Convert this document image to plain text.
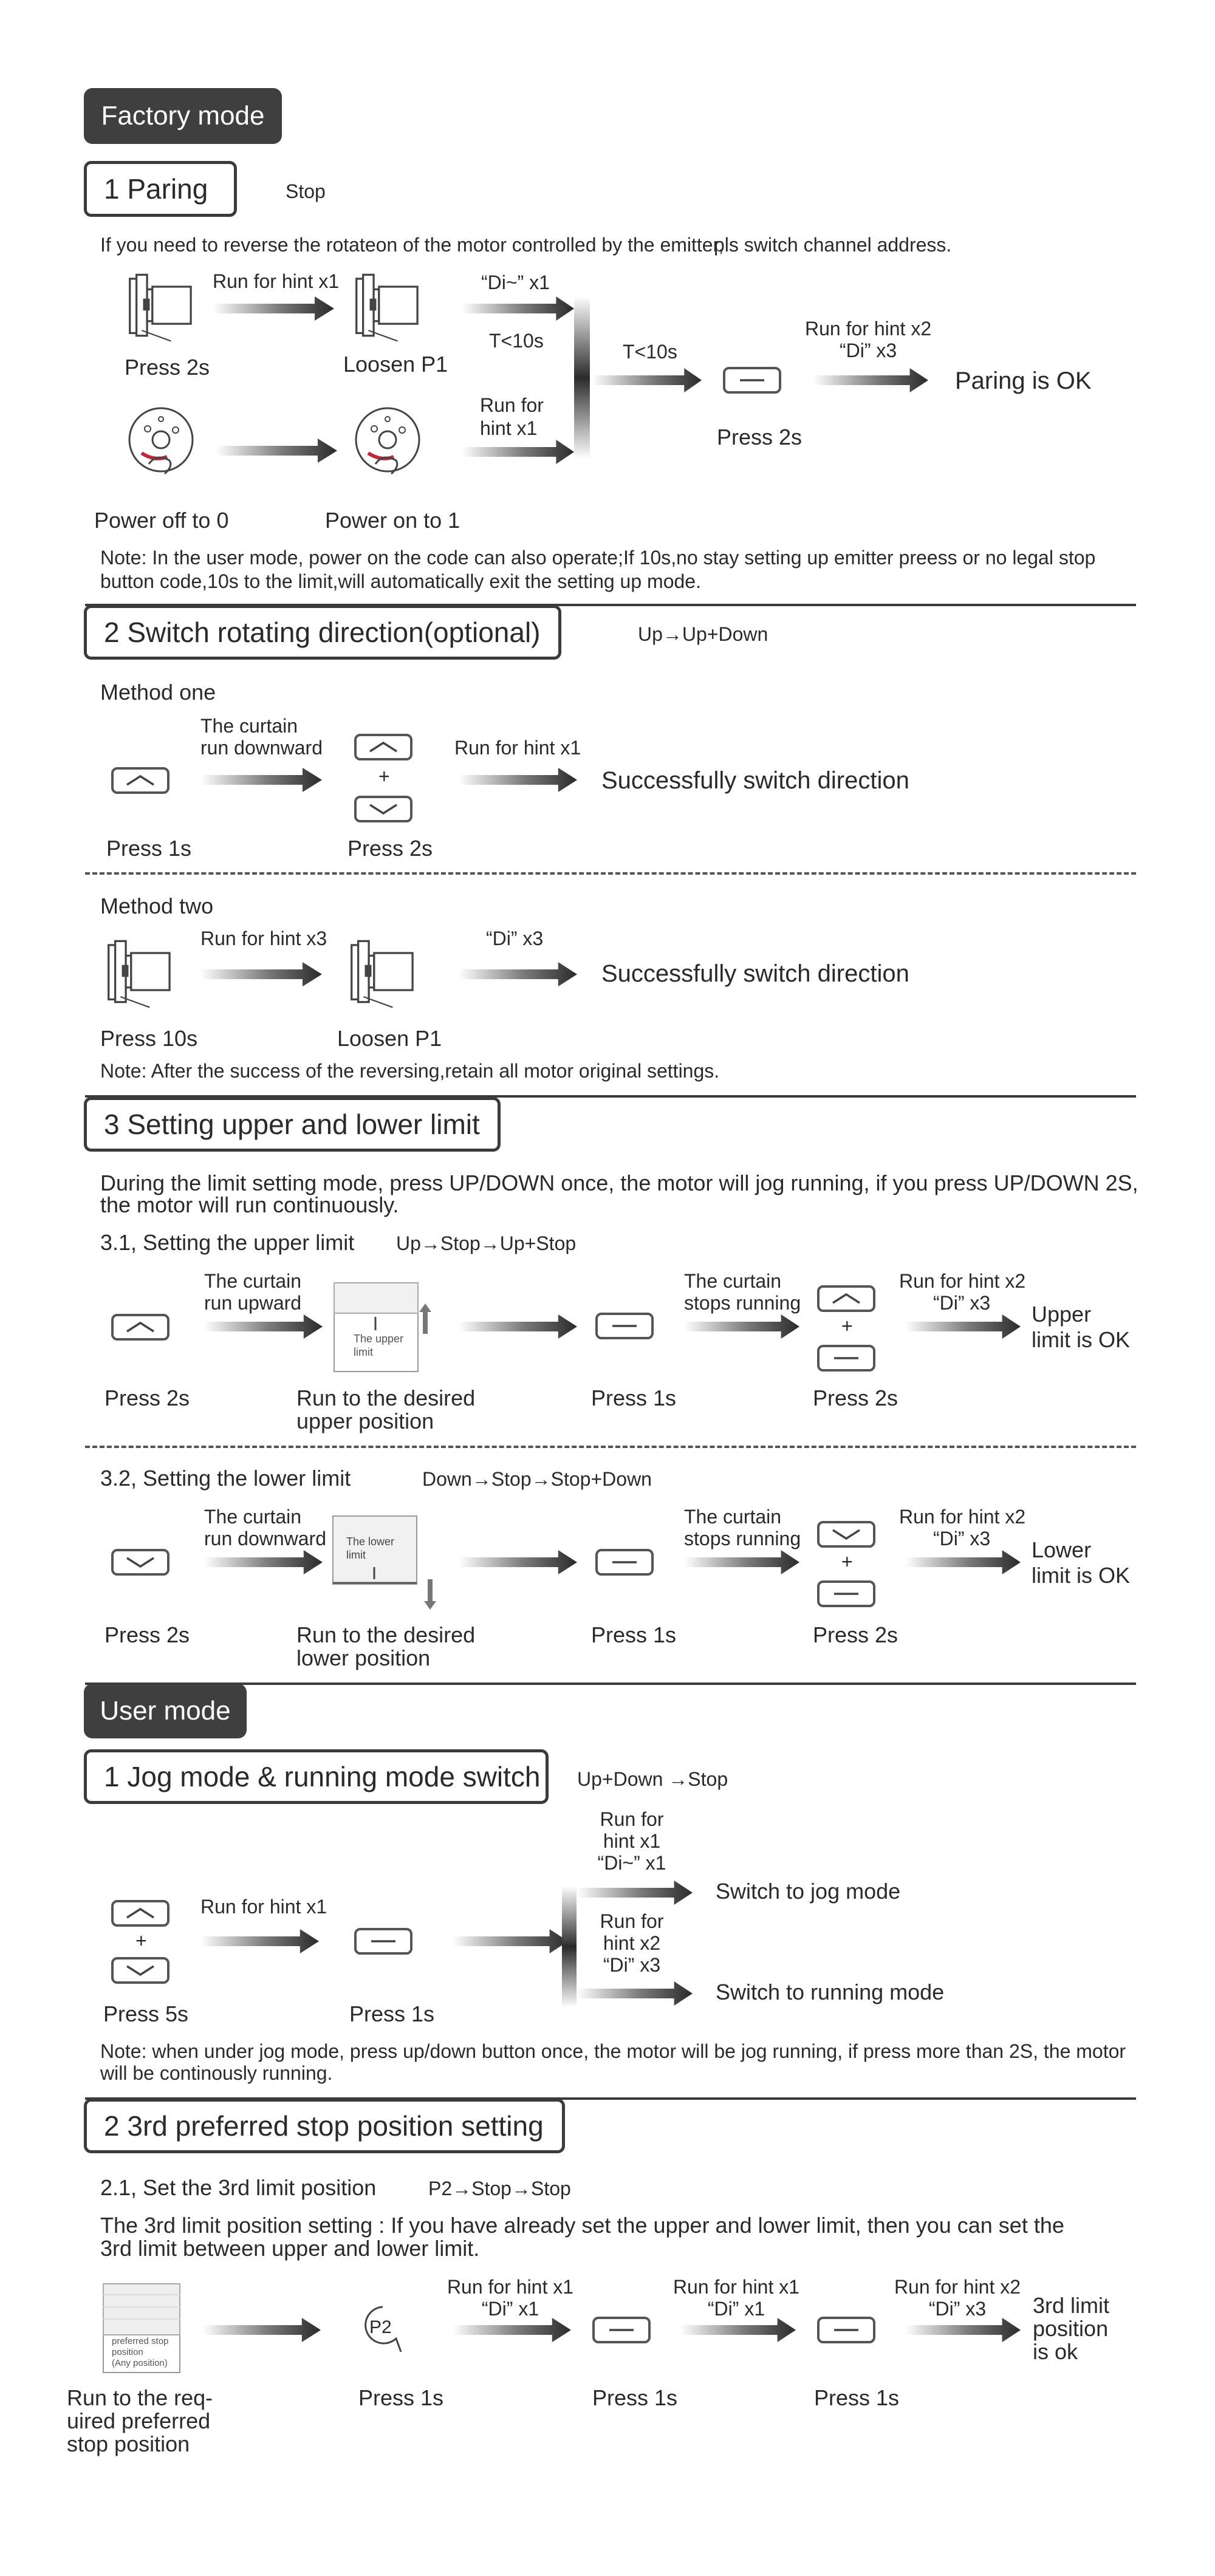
Factory mode
1 Paring	Stop
If you need to reverse the rotateon of the motor controlled by the emitter,
pls switch channel address.
Run for hint x1
Press 2s	Loosen P1
“Di~” x1
T<10s
Run for
hint x1
Power off to 0	Power on to 1
T<10s
Press 2s
Run for hint x2
“Di” x3
Paring is OK
Note: In the user mode, power on the code can also operate;If 10s,no stay setting up emitter preess or no legal stop
button code,10s to the limit,will automatically exit the setting up mode.
2 Switch rotating direction(optional)	Up→Up+Down
Method one
The curtain
run downward
+
Run for hint x1
Successfully switch direction
Press 1s	Press 2s
Method two
Run for hint x3	“Di” x3
Successfully switch direction
Press 10s	Loosen P1
Note: After the success of the reversing,retain all motor original settings.
3 Setting upper and lower limit
During the limit setting mode, press UP/DOWN once, the motor will jog running, if you press UP/DOWN 2S,
the motor will run continuously.
3.1, Setting the upper limit Up→Stop→Up+Stop
The curtain
run upward
The upper
limit
The curtain
stops running
+
Run for hint x2
“Di” x3 Upper
limit is OK
Press 2s	Run to the desired
upper position
Press 1s	Press 2s
3.2, Setting the lower limit	Down→Stop→Stop+Down
The curtain
run downward The lower
limit
The curtain
stops running
+
Run for hint x2
“Di” x3 Lower
limit is OK
Press 2s	Run to the desired
lower position
Press 1s	Press 2s
User mode
1 Jog mode & running mode switch	Up+Down →Stop
+
Run for hint x1
Run for
hint x1
“Di~” x1
Switch to jog mode
Run for
hint x2
“Di” x3
Switch to running mode
Press 5s	Press 1s
Note: when under jog mode, press up/down button once, the motor will be jog running, if press more than 2S, the motor
will be continously running.
2 3rd preferred stop position setting
2.1, Set the 3rd limit position	P2→Stop→Stop
The 3rd limit position setting : If you have already set the upper and lower limit, then you can set the
3rd limit between upper and lower limit.
preferred stop
position
(Any position)
P2
Run for hint x1
“Di” x1
Run for hint x1
“Di” x1
Run for hint x2
“Di” x3	3rd limit
position
is ok
Run to the req-
uired preferred
stop position
Press 1s	Press 1s	Press 1s
